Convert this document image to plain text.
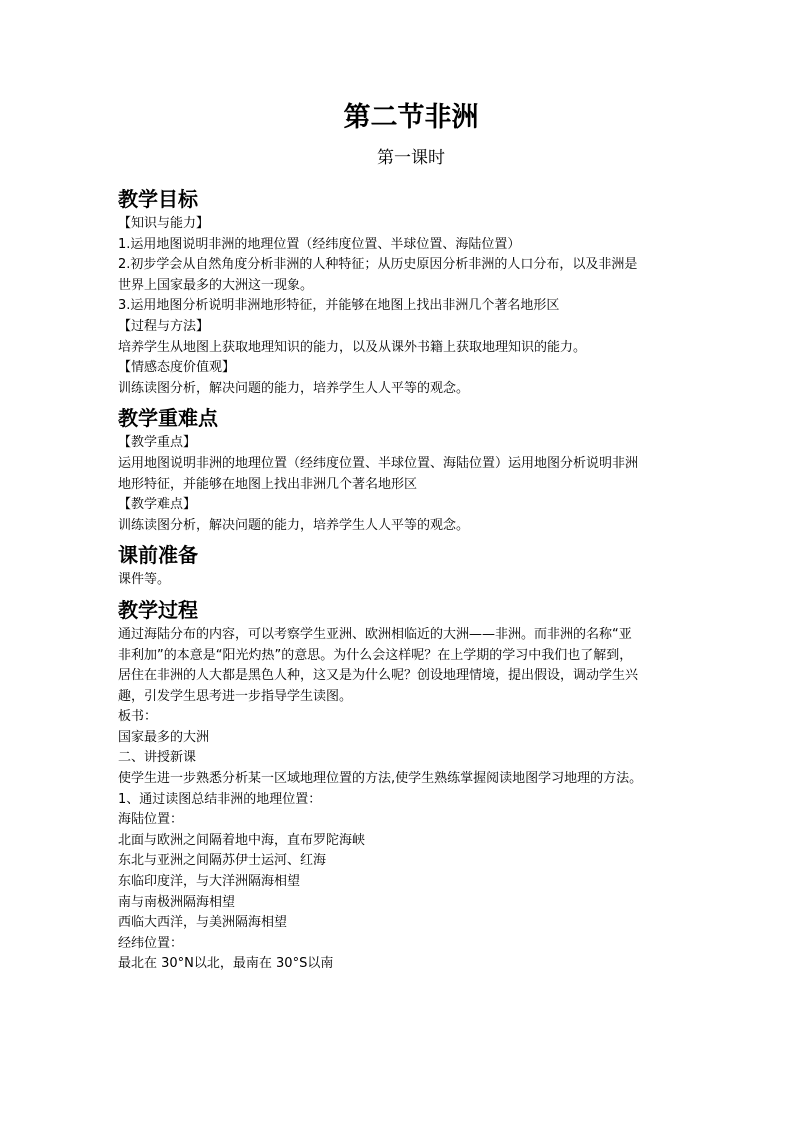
第二节非洲
第一课时
教学目标

【知识与能力】

1.运用地图说明非洲的地理位置（经纬度位置、半球位置、海陆位置）

2.初步学会从自然角度分析非洲的人种特征；从历史原因分析非洲的人口分布，以及非洲是

世界上国家最多的大洲这一现象。

3.运用地图分析说明非洲地形特征，并能够在地图上找出非洲几个著名地形区

【过程与方法】

培养学生从地图上获取地理知识的能力，以及从课外书籍上获取地理知识的能力。

【情感态度价值观】

训练读图分析，解决问题的能力，培养学生人人平等的观念。

教学重难点

【教学重点】

运用地图说明非洲的地理位置（经纬度位置、半球位置、海陆位置）运用地图分析说明非洲

地形特征，并能够在地图上找出非洲几个著名地形区

【教学难点】

训练读图分析，解决问题的能力，培养学生人人平等的观念。

课前准备

课件等。

教学过程

通过海陆分布的内容，可以考察学生亚洲、欧洲相临近的大洲——非洲。而非洲的名称“亚

非利加”的本意是“阳光灼热”的意思。为什么会这样呢？在上学期的学习中我们也了解到，

居住在非洲的人大都是黑色人种，这又是为什么呢？创设地理情境，提出假设，调动学生兴

趣，引发学生思考进一步指导学生读图。

板书：

国家最多的大洲

二、讲授新课

使学生进一步熟悉分析某一区域地理位置的方法,使学生熟练掌握阅读地图学习地理的方法。

1、通过读图总结非洲的地理位置：

海陆位置：

北面与欧洲之间隔着地中海，直布罗陀海峡

东北与亚洲之间隔苏伊士运河、红海

东临印度洋，与大洋洲隔海相望

南与南极洲隔海相望

西临大西洋，与美洲隔海相望

经纬位置：

最北在 30°N以北，最南在 30°S以南
